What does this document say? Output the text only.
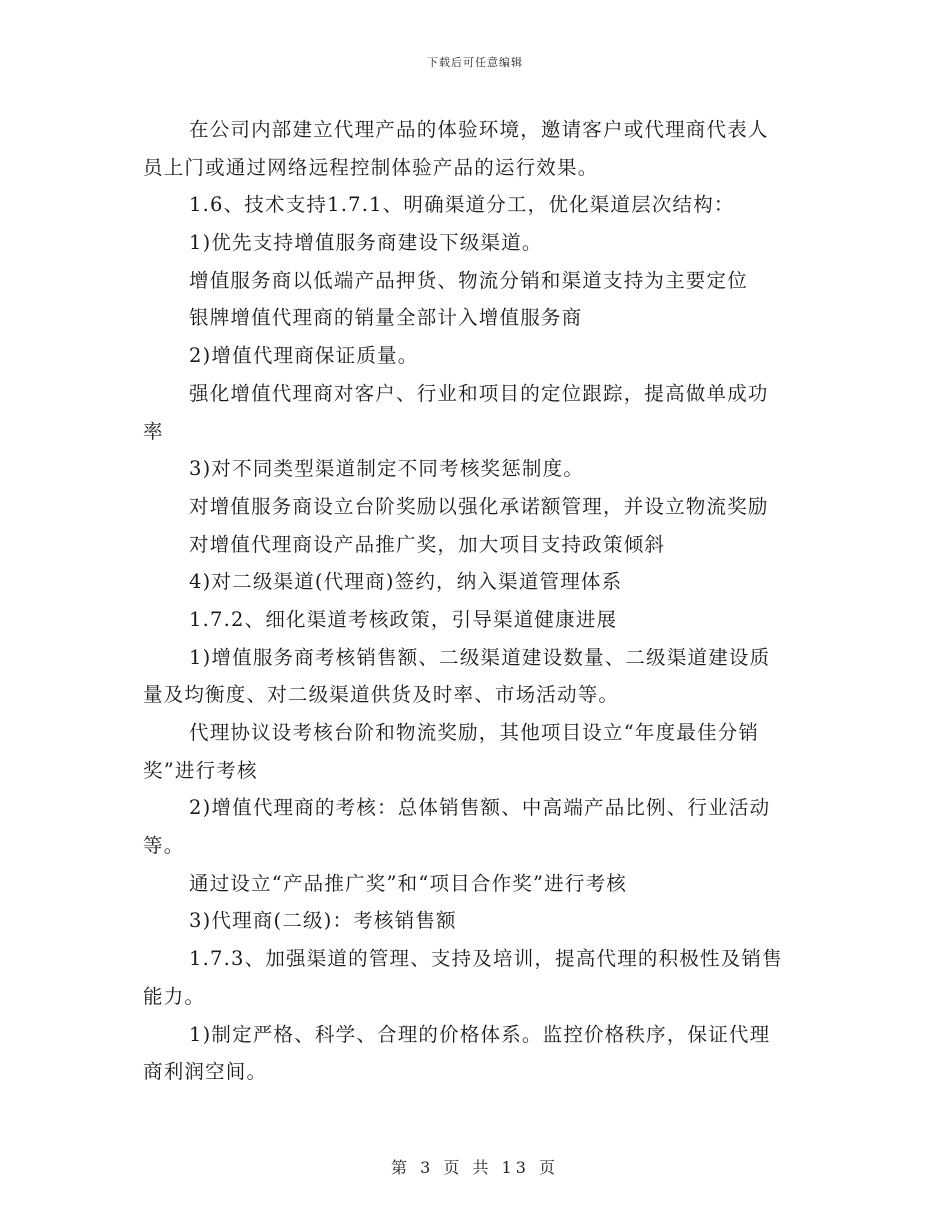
下载后可任意编辑
在公司内部建立代理产品的体验环境，邀请客户或代理商代表人
员上门或通过网络远程控制体验产品的运行效果。
1.6、技术支持1.7.1、明确渠道分工，优化渠道层次结构：
1)优先支持增值服务商建设下级渠道。
增值服务商以低端产品押货、物流分销和渠道支持为主要定位
银牌增值代理商的销量全部计入增值服务商
2)增值代理商保证质量。
强化增值代理商对客户、行业和项目的定位跟踪，提高做单成功
率
3)对不同类型渠道制定不同考核奖惩制度。
对增值服务商设立台阶奖励以强化承诺额管理，并设立物流奖励
对增值代理商设产品推广奖，加大项目支持政策倾斜
4)对二级渠道(代理商)签约，纳入渠道管理体系
1.7.2、细化渠道考核政策，引导渠道健康进展
1)增值服务商考核销售额、二级渠道建设数量、二级渠道建设质
量及均衡度、对二级渠道供货及时率、市场活动等。
代理协议设考核台阶和物流奖励，其他项目设立“年度最佳分销
奖”进行考核
2)增值代理商的考核：总体销售额、中高端产品比例、行业活动
等。
通过设立“产品推广奖”和“项目合作奖”进行考核
3)代理商(二级)：考核销售额
1.7.3、加强渠道的管理、支持及培训，提高代理的积极性及销售
能力。
1)制定严格、科学、合理的价格体系。监控价格秩序，保证代理
商利润空间。
第 3 页 共 13 页
